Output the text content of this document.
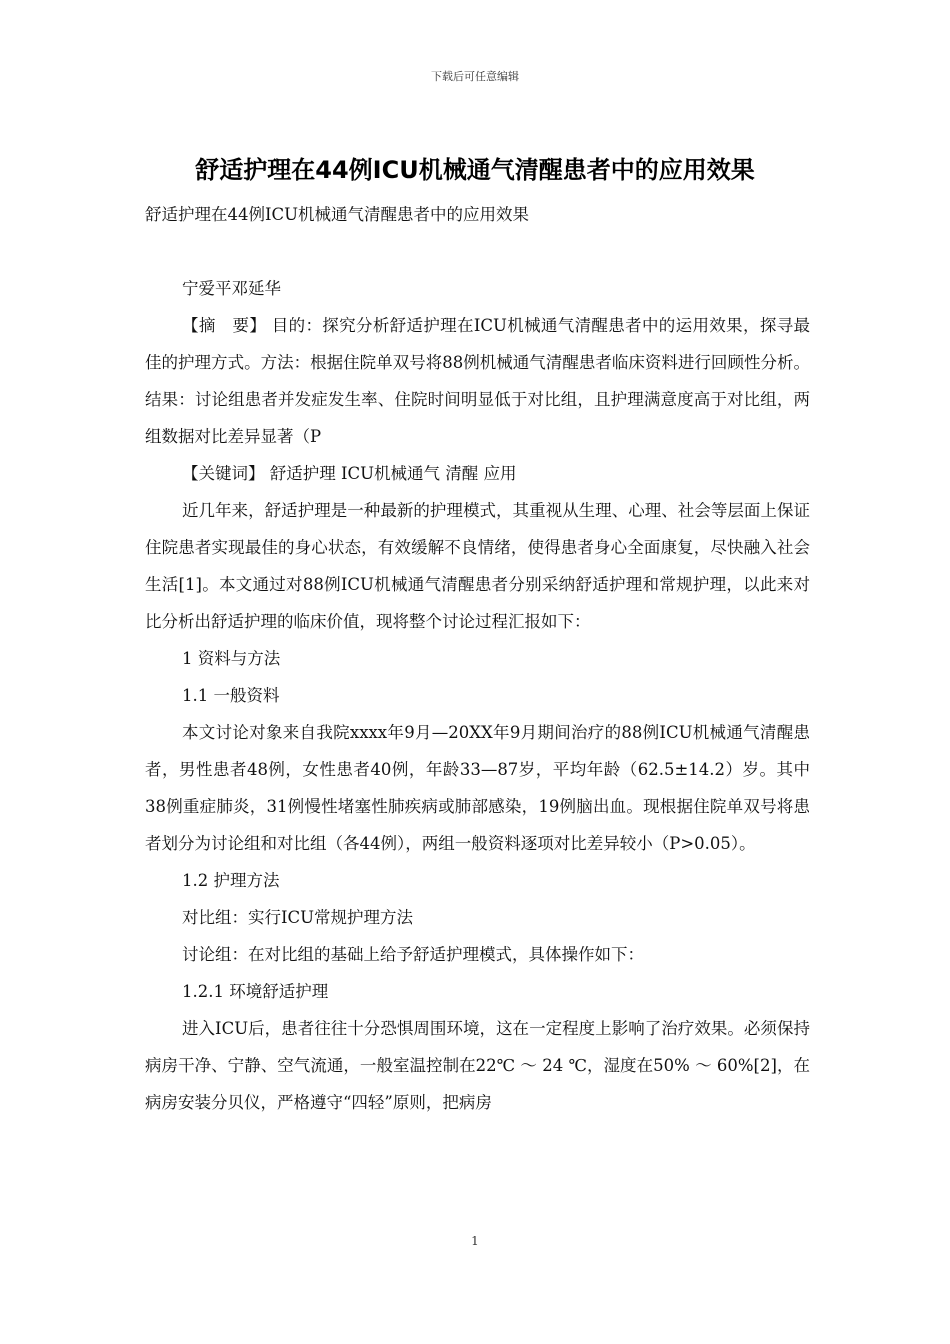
下载后可任意编辑
舒适护理在44例ICU机械通气清醒患者中的应用效果

舒适护理在44例ICU机械通气清醒患者中的应用效果

宁爱平邓延华

【摘　要】 目的：探究分析舒适护理在ICU机械通气清醒患者中的运用效果，探寻最佳的护理方式。方法：根据住院单双号将88例机械通气清醒患者临床资料进行回顾性分析。结果：讨论组患者并发症发生率、住院时间明显低于对比组，且护理满意度高于对比组，两组数据对比差异显著（P

【关键词】 舒适护理 ICU机械通气 清醒 应用

近几年来，舒适护理是一种最新的护理模式，其重视从生理、心理、社会等层面上保证住院患者实现最佳的身心状态，有效缓解不良情绪，使得患者身心全面康复，尽快融入社会生活[1]。本文通过对88例ICU机械通气清醒患者分别采纳舒适护理和常规护理，以此来对比分析出舒适护理的临床价值，现将整个讨论过程汇报如下：

1 资料与方法

1.1 一般资料

本文讨论对象来自我院xxxx年9月—20XX年9月期间治疗的88例ICU机械通气清醒患者，男性患者48例，女性患者40例，年龄33—87岁，平均年龄（62.5±14.2）岁。其中38例重症肺炎，31例慢性堵塞性肺疾病或肺部感染，19例脑出血。现根据住院单双号将患者划分为讨论组和对比组（各44例），两组一般资料逐项对比差异较小（P>0.05）。

1.2 护理方法

对比组：实行ICU常规护理方法

讨论组：在对比组的基础上给予舒适护理模式，具体操作如下：

1.2.1 环境舒适护理

进入ICU后，患者往往十分恐惧周围环境，这在一定程度上影响了治疗效果。必须保持病房干净、宁静、空气流通，一般室温控制在22℃ ～ 24 ℃，湿度在50% ～ 60%[2]，在病房安装分贝仪，严格遵守“四轻”原则，把病房

1
